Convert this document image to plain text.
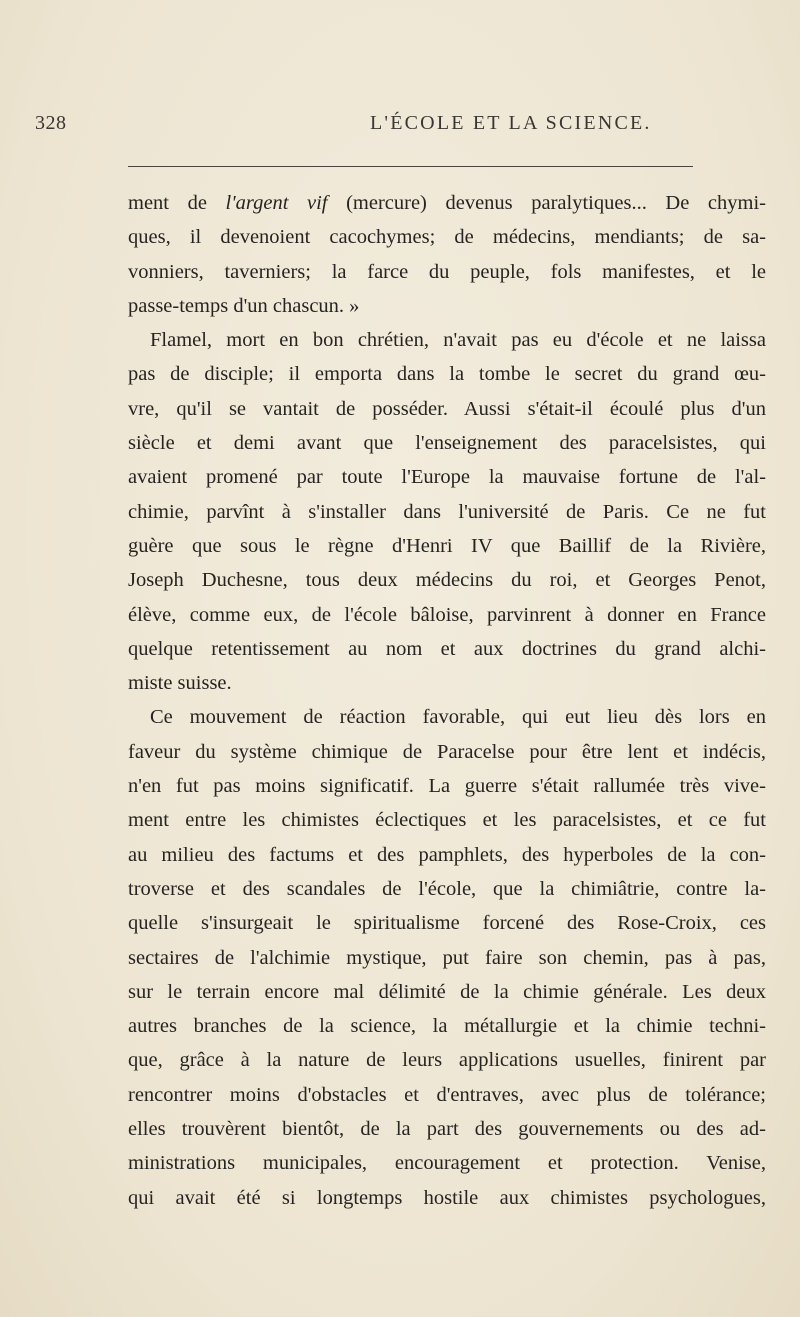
328	L'ÉCOLE ET LA SCIENCE.
ment de l'argent vif (mercure) devenus paralytiques... De chymi-
ques, il devenoient cacochymes; de médecins, mendiants; de sa-
vonniers, taverniers; la farce du peuple, fols manifestes, et le
passe-temps d'un chascun. »
Flamel, mort en bon chrétien, n'avait pas eu d'école et ne laissa
pas de disciple; il emporta dans la tombe le secret du grand œu-
vre, qu'il se vantait de posséder. Aussi s'était-il écoulé plus d'un
siècle et demi avant que l'enseignement des paracelsistes, qui
avaient promené par toute l'Europe la mauvaise fortune de l'al-
chimie, parvînt à s'installer dans l'université de Paris. Ce ne fut
guère que sous le règne d'Henri IV que Baillif de la Rivière,
Joseph Duchesne, tous deux médecins du roi, et Georges Penot,
élève, comme eux, de l'école bâloise, parvinrent à donner en France
quelque retentissement au nom et aux doctrines du grand alchi-
miste suisse.
Ce mouvement de réaction favorable, qui eut lieu dès lors en
faveur du système chimique de Paracelse pour être lent et indécis,
n'en fut pas moins significatif. La guerre s'était rallumée très vive-
ment entre les chimistes éclectiques et les paracelsistes, et ce fut
au milieu des factums et des pamphlets, des hyperboles de la con-
troverse et des scandales de l'école, que la chimiâtrie, contre la-
quelle s'insurgeait le spiritualisme forcené des Rose-Croix, ces
sectaires de l'alchimie mystique, put faire son chemin, pas à pas,
sur le terrain encore mal délimité de la chimie générale. Les deux
autres branches de la science, la métallurgie et la chimie techni-
que, grâce à la nature de leurs applications usuelles, finirent par
rencontrer moins d'obstacles et d'entraves, avec plus de tolérance;
elles trouvèrent bientôt, de la part des gouvernements ou des ad-
ministrations municipales, encouragement et protection. Venise,
qui avait été si longtemps hostile aux chimistes psychologues,
